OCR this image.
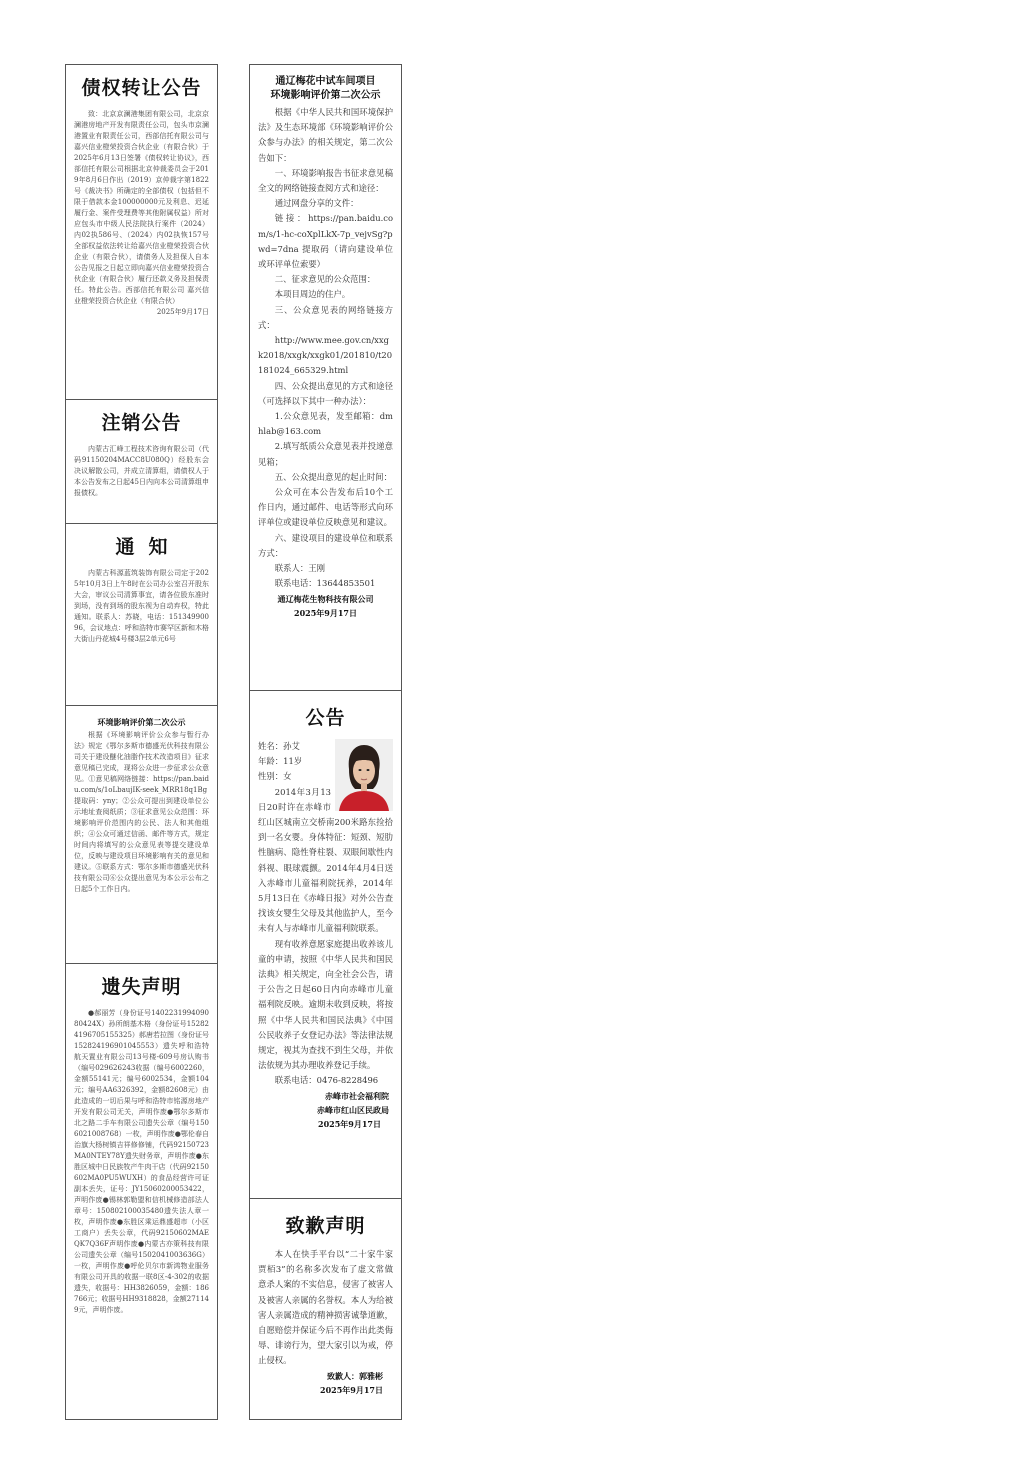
债权转让公告

致：北京京澜港集团有限公司，北京京澜港房地产开发有限责任公司，包头市京澜港置业有限责任公司，西部信托有限公司与嘉兴信业橙荣投资合伙企业（有限合伙）于2025年6月13日签署《债权转让协议》，西部信托有限公司根据北京仲裁委员会于2019年8月6日作出（2019）京仲裁字第1822号《裁决书》所确定的全部债权（包括但不限于借款本金100000000元及利息、迟延履行金、案件受理费等其他附属权益）所对应包头市中级人民法院执行案件（2024）内02执586号、（2024）内02执恢157号全部权益依法转让给嘉兴信业橙荣投资合伙企业（有限合伙），请债务人及担保人自本公告见报之日起立即向嘉兴信业橙荣投资合伙企业（有限合伙）履行还款义务及担保责任。特此公告。西部信托有限公司 嘉兴信业橙荣投资合伙企业（有限合伙）

2025年9月17日
注销公告

内蒙古汇峰工程技术咨询有限公司（代码91150204MACC8U080Q）经股东会决议解散公司，并成立清算组，请债权人于本公告发布之日起45日内向本公司清算组申报债权。

通知

内蒙古科源蓝筑装饰有限公司定于2025年10月3日上午8时在公司办公室召开股东大会，审议公司清算事宜，请各位股东准时到场，没有到场的股东视为自动弃权，特此通知。联系人：苏晓，电话：15134990096，会议地点：呼和浩特市赛罕区新和木格大街山丹花城4号楼3层2单元6号

环境影响评价第二次公示

根据《环境影响评价公众参与暂行办法》规定《鄂尔多斯市德盛光伏科技有限公司关于建设醚化油脂作技术改造项目》征求意见稿已完成，现将公众进一步征求公众意见。①意见稿网络链接：https://pan.baidu.com/s/1oLbaujIK-seek_MRR18q1Bg 提取码：yny；②公众可提出到建设单位公示地址查阅纸质；③征求意见公众范围：环境影响评价范围内的公民、法人和其他组织；④公众可通过信函、邮件等方式，规定时间内将填写的公众意见表等提交建设单位，反映与建设项目环境影响有关的意见和建议。⑤联系方式：鄂尔多斯市德盛光伏科技有限公司⑥公众提出意见为本公示公布之日起5个工作日内。

遗失声明

●郝丽芳（身份证号140223199409080424X）孙所朗基木格（身份证号152824196705155325）郝唐若拉图（身份证号152824196901045553）遗失呼和浩特航天置业有限公司13号楼-609号房认购书（编号029626243收据（编号6002260，金额55141元；编号6002534，金额104元；编号AA6326392，金额82608元）由此造成的一切后果与呼和浩特市铭源房地产开发有限公司无关，声明作废●鄂尔多斯市北之路二手车有限公司遗失公章（编号1506021008768）一枚，声明作废●鄂伦春自治旗大杨树镇吉祥修修铺，代码92150723MA0NTEY78Y遗失财务章，声明作废●东胜区城中日民族牧产牛肉干店（代码92150602MA0PU5WUXH）的食品经营许可证副本丢失，证号：JY15060200053422，声明作废●锡林郭勒盟和信机械修造部法人章号：150802100035480遗失法人章一枚，声明作废●东胜区乘运鼎盛超市（小区工商户）丢失公章，代码92150602MAEQK7Q36F声明作废●内蒙古亦策科技有限公司遗失公章（编号1502041003636G）一枚，声明作废●呼伦贝尔市新鸿物业服务有限公司开具的收据一联8区-4-302的收据遗失，收据号：HH3826059，金额：186766元；收据号HH9318828，金额271149元，声明作废。

通辽梅花中试车间项目
环境影响评价第二次公示

根据《中华人民共和国环境保护法》及生态环境部《环境影响评价公众参与办法》的相关规定，第二次公告如下：

一、环境影响报告书征求意见稿全文的网络链接查阅方式和途径：

通过网盘分享的文件：

链接：https://pan.baidu.com/s/1-hc-coXplLkX-7p_vejvSg?pwd=7dna 提取码（请向建设单位或环评单位索要）

二、征求意见的公众范围：

本项目周边的住户。

三、公众意见表的网络链接方式：

http://www.mee.gov.cn/xxgk2018/xxgk/xxgk01/201810/t20181024_665329.html

四、公众提出意见的方式和途径（可选择以下其中一种办法）：

1.公众意见表，发至邮箱：dmhlab@163.com

2.填写纸质公众意见表并投递意见箱；

五、公众提出意见的起止时间：

公众可在本公告发布后10个工作日内，通过邮件、电话等形式向环评单位或建设单位反映意见和建议。

六、建设项目的建设单位和联系方式：

联系人：王刚

联系电话：13644853501

通辽梅花生物科技有限公司
2025年9月17日
公告

姓名：孙艾

年龄：11岁

性别：女

2014年3月13日20时许在赤峰市红山区城南立交桥南200米路东捡拾到一名女婴。身体特征：短颈、短肋性脑病、隐性脊柱裂、双眼间歇性内斜视、眼球震颤。2014年4月4日送入赤峰市儿童福利院抚养，2014年5月13日在《赤峰日报》对外公告查找该女婴生父母及其他监护人，至今未有人与赤峰市儿童福利院联系。

现有收养意愿家庭提出收养该儿童的申请，按照《中华人民共和国民法典》相关规定，向全社会公告，请于公告之日起60日内向赤峰市儿童福利院反映。逾期未收到反映，将按照《中华人民共和国民法典》《中国公民收养子女登记办法》等法律法规规定，视其为查找不到生父母，并依法依规为其办理收养登记手续。

联系电话：0476-8228496

赤峰市社会福利院
赤峰市红山区民政局
2025年9月17日
致歉声明

本人在快手平台以“二十家牛家贾栢3”的名称多次发布了虚文常做意杀人案的不实信息，侵害了被害人及被害人亲属的名誉权。本人为给被害人亲属造成的精神损害诚挚道歉，自愿赔偿并保证今后不再作出此类侮辱、诽谤行为，望大家引以为戒，停止侵权。

致歉人：郭雅彬
2025年9月17日
